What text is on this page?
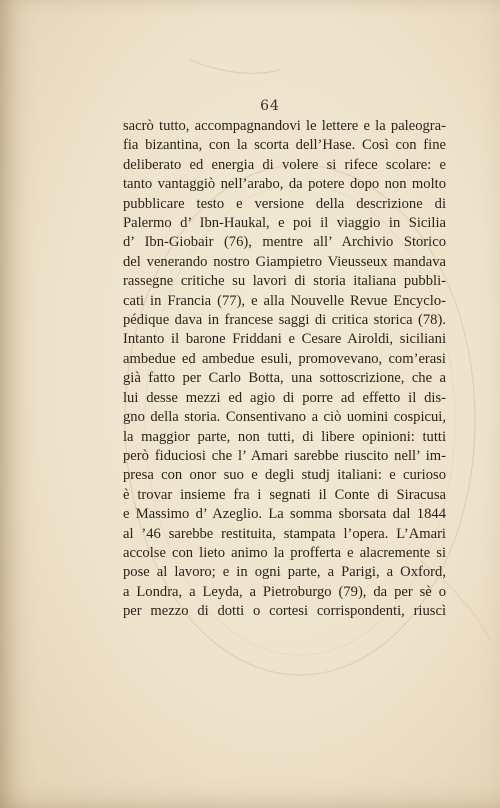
64
sacrò tutto, accompagnandovi le lettere e la paleogra-
fia bizantina, con la scorta dell’Hase. Così con fine
deliberato ed energia di volere si rifece scolare: e
tanto vantaggiò nell’arabo, da potere dopo non molto
pubblicare testo e versione della descrizione di
Palermo d’ Ibn-Haukal, e poi il viaggio in Sicilia
d’ Ibn-Giobair (76), mentre all’ Archivio Storico
del venerando nostro Giampietro Vieusseux mandava
rassegne critiche su lavori di storia italiana pubbli-
cati in Francia (77), e alla Nouvelle Revue Encyclo-
pédique dava in francese saggi di critica storica (78).
Intanto il barone Friddani e Cesare Airoldi, siciliani
ambedue ed ambedue esuli, promovevano, com’erasi
già fatto per Carlo Botta, una sottoscrizione, che a
lui desse mezzi ed agio di porre ad effetto il dis-
gno della storia. Consentivano a ciò uomini cospicui,
la maggior parte, non tutti, di libere opinioni: tutti
però fiduciosi che l’ Amari sarebbe riuscito nell’ im-
presa con onor suo e degli studj italiani: e curioso
è trovar insieme fra i segnati il Conte di Siracusa
e Massimo d’ Azeglio. La somma sborsata dal 1844
al ’46 sarebbe restituita, stampata l’opera. L’Amari
accolse con lieto animo la profferta e alacremente si
pose al lavoro; e in ogni parte, a Parigi, a Oxford,
a Londra, a Leyda, a Pietroburgo (79), da per sè o
per mezzo di dotti o cortesi corrispondenti, riuscì
